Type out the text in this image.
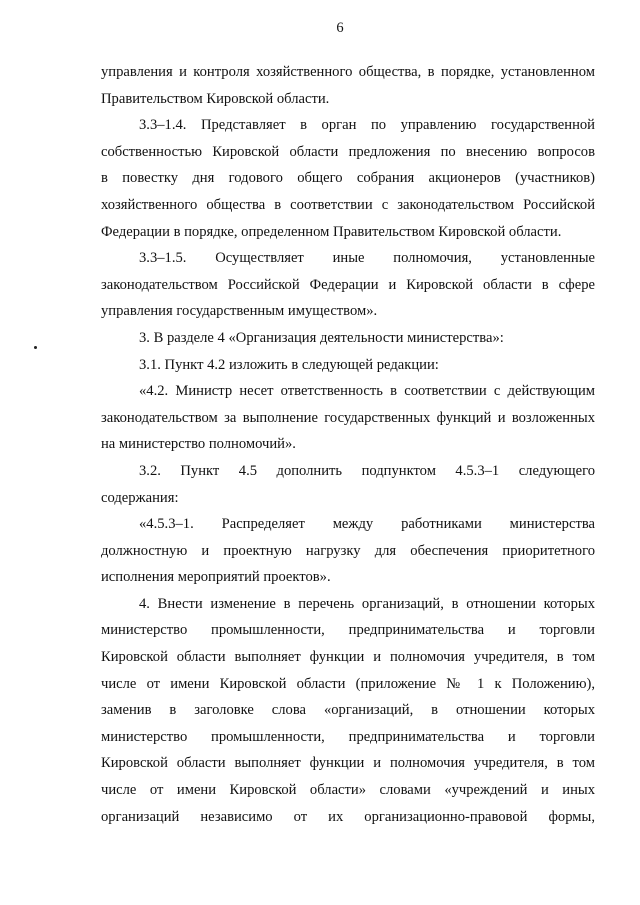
6
управления и контроля хозяйственного общества, в порядке, установленном
Правительством Кировской области.
3.3–1.4. Представляет в орган по управлению государственной
собственностью Кировской области предложения по внесению вопросов
в повестку дня годового общего собрания акционеров (участников)
хозяйственного общества в соответствии с законодательством Российской
Федерации в порядке, определенном Правительством Кировской области.
3.3–1.5. Осуществляет иные полномочия, установленные
законодательством Российской Федерации и Кировской области в сфере
управления государственным имуществом».
3. В разделе 4 «Организация деятельности министерства»:
3.1. Пункт 4.2 изложить в следующей редакции:
«4.2. Министр несет ответственность в соответствии с действующим
законодательством за выполнение государственных функций и возложенных
на министерство полномочий».
3.2. Пункт 4.5 дополнить подпунктом 4.5.3–1 следующего
содержания:
«4.5.3–1. Распределяет между работниками министерства
должностную и проектную нагрузку для обеспечения приоритетного
исполнения мероприятий проектов».
4. Внести изменение в перечень организаций, в отношении которых
министерство промышленности, предпринимательства и торговли
Кировской области выполняет функции и полномочия учредителя, в том
числе от имени Кировской области (приложение № 1 к Положению),
заменив в заголовке слова «организаций, в отношении которых
министерство промышленности, предпринимательства и торговли
Кировской области выполняет функции и полномочия учредителя, в том
числе от имени Кировской области» словами «учреждений и иных
организаций независимо от их организационно-правовой формы,
